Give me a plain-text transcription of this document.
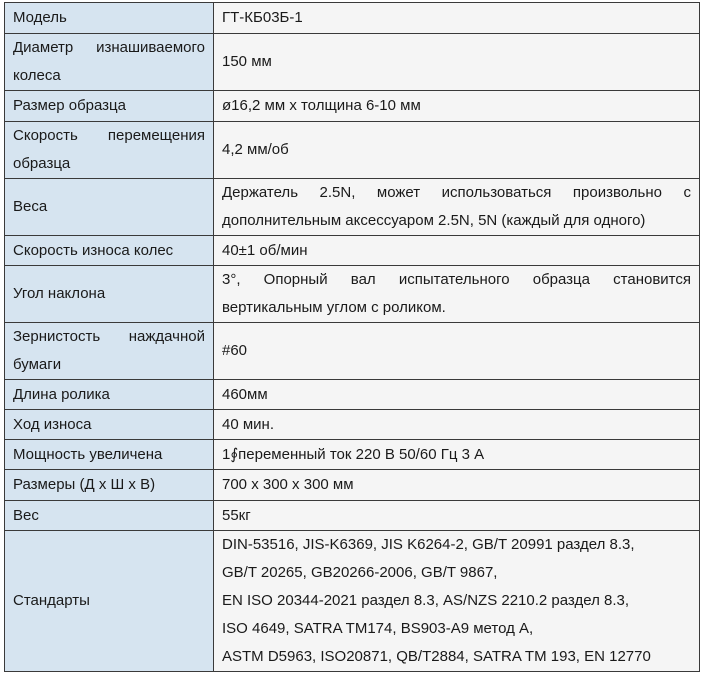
Модель	ГТ-КБ03Б-1
Диаметр изнашиваемого колеса	150 мм
Размер образца	ø16,2 мм х толщина 6-10 мм
Скорость перемещения образца	4,2 мм/об
Веса	Держатель 2.5N, может использоваться произвольно с дополнительным аксессуаром 2.5N, 5N (каждый для одного)
Скорость износа колес	40±1 об/мин
Угол наклона	3°, Опорный вал испытательного образца становится вертикальным углом с роликом.
Зернистость наждачной бумаги	#60
Длина ролика	460мм
Ход износа	40 мин.
Мощность увеличена	1∮переменный ток 220 В 50/60 Гц 3 А
Размеры (Д х Ш х В)	700 х 300 х 300 мм
Вес	55кг
Стандарты	DIN-53516, JIS-K6369, JIS K6264-2, GB/T 20991 раздел 8.3,
GB/T 20265, GB20266-2006, GB/T 9867,
EN ISO 20344-2021 раздел 8.3, AS/NZS 2210.2 раздел 8.3,
ISO 4649, SATRA TM174, BS903-A9 метод A,
ASTM D5963, ISO20871, QB/T2884, SATRA TM 193, EN 12770
